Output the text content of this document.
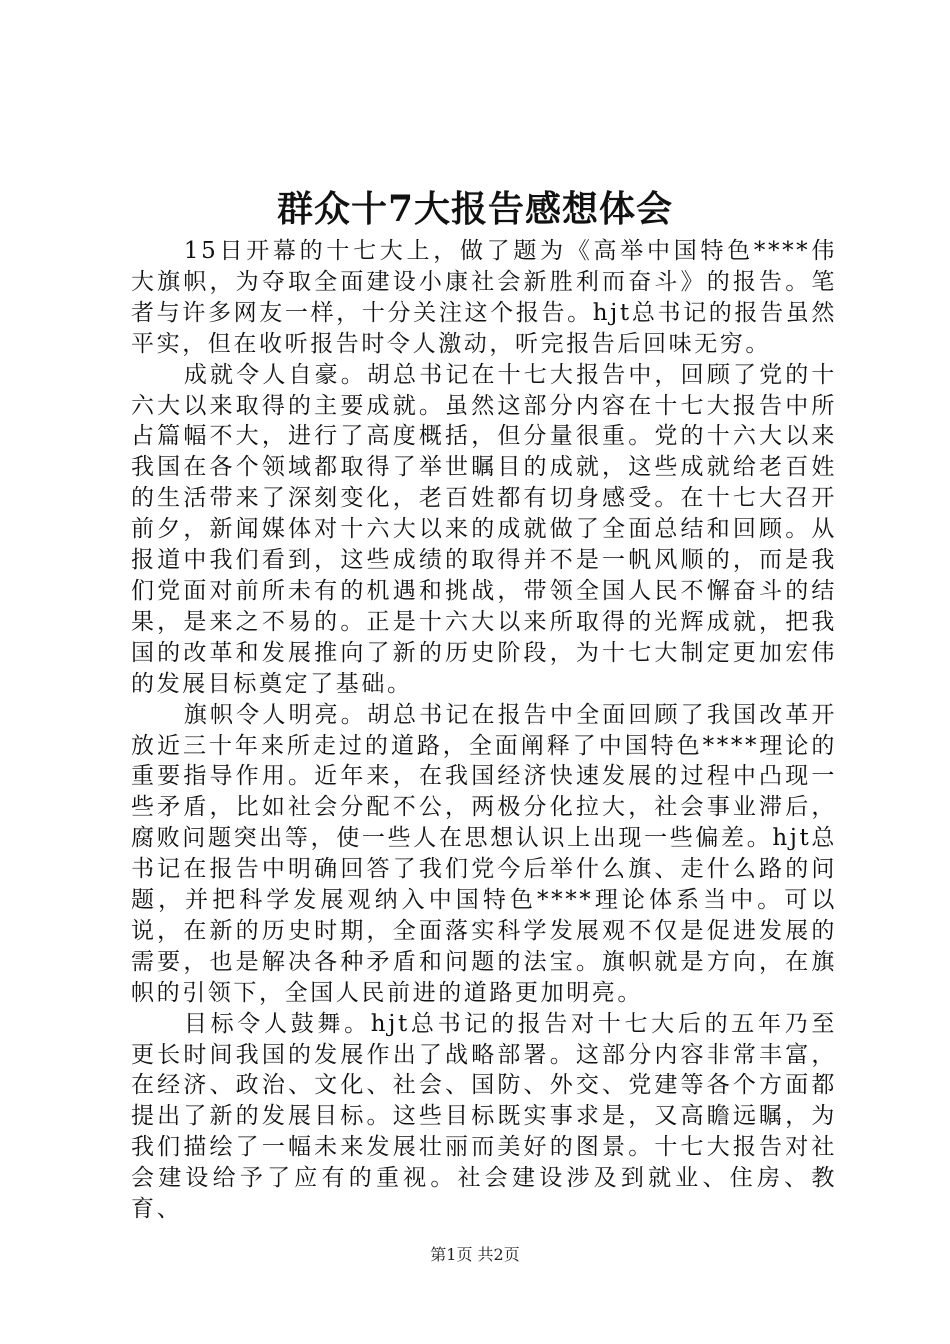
群众十7大报告感想体会

15日开幕的十七大上，做了题为《高举中国特色****伟大旗帜，为夺取全面建设小康社会新胜利而奋斗》的报告。笔者与许多网友一样，十分关注这个报告。hjt总书记的报告虽然平实，但在收听报告时令人激动，听完报告后回味无穷。

成就令人自豪。胡总书记在十七大报告中，回顾了党的十六大以来取得的主要成就。虽然这部分内容在十七大报告中所占篇幅不大，进行了高度概括，但分量很重。党的十六大以来我国在各个领域都取得了举世瞩目的成就，这些成就给老百姓的生活带来了深刻变化，老百姓都有切身感受。在十七大召开前夕，新闻媒体对十六大以来的成就做了全面总结和回顾。从报道中我们看到，这些成绩的取得并不是一帆风顺的，而是我们党面对前所未有的机遇和挑战，带领全国人民不懈奋斗的结果，是来之不易的。正是十六大以来所取得的光辉成就，把我国的改革和发展推向了新的历史阶段，为十七大制定更加宏伟的发展目标奠定了基础。

旗帜令人明亮。胡总书记在报告中全面回顾了我国改革开放近三十年来所走过的道路，全面阐释了中国特色****理论的重要指导作用。近年来，在我国经济快速发展的过程中凸现一些矛盾，比如社会分配不公，两极分化拉大，社会事业滞后，腐败问题突出等，使一些人在思想认识上出现一些偏差。hjt总书记在报告中明确回答了我们党今后举什么旗、走什么路的问题，并把科学发展观纳入中国特色****理论体系当中。可以说，在新的历史时期，全面落实科学发展观不仅是促进发展的需要，也是解决各种矛盾和问题的法宝。旗帜就是方向，在旗帜的引领下，全国人民前进的道路更加明亮。

目标令人鼓舞。hjt总书记的报告对十七大后的五年乃至更长时间我国的发展作出了战略部署。这部分内容非常丰富，在经济、政治、文化、社会、国防、外交、党建等各个方面都提出了新的发展目标。这些目标既实事求是，又高瞻远瞩，为我们描绘了一幅未来发展壮丽而美好的图景。十七大报告对社会建设给予了应有的重视。社会建设涉及到就业、住房、教育、

第1页 共2页
